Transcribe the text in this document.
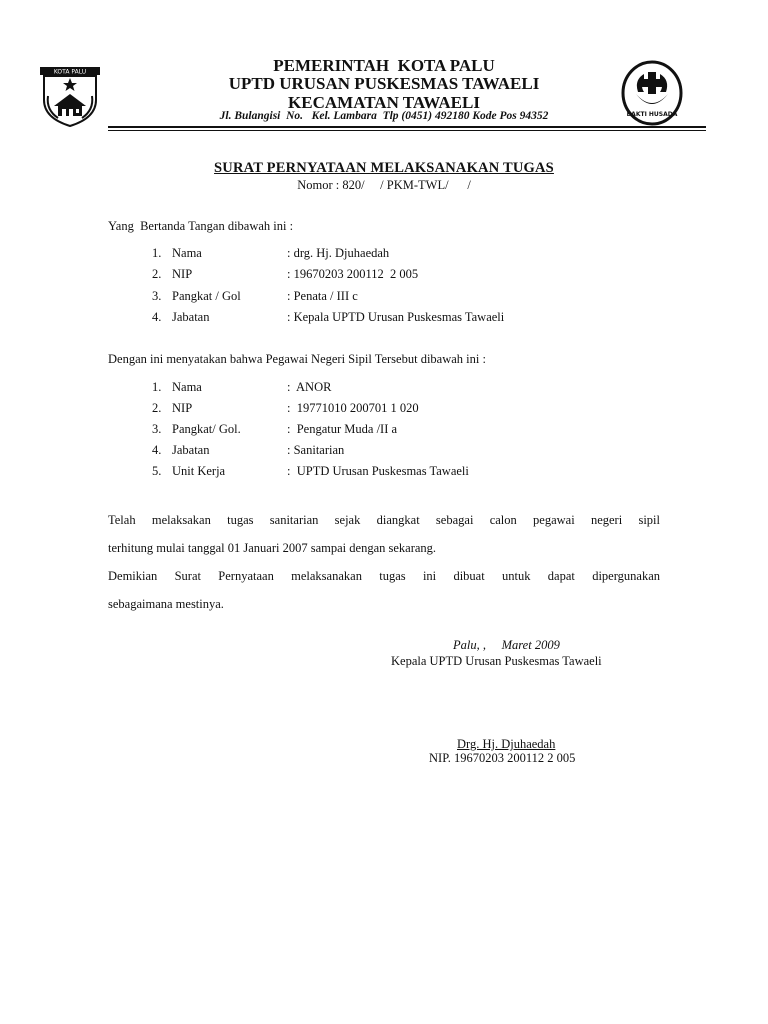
KOTA PALU
BAKTI HUSADA
PEMERINTAH  KOTA PALU
UPTD URUSAN PUSKESMAS TAWAELI
KECAMATAN TAWAELI
Jl. Bulangisi  No.   Kel. Lambara  Tlp (0451) 492180 Kode Pos 94352
SURAT PERNYATAAN MELAKSANAKAN TUGAS
Nomor : 820/     / PKM-TWL/      /
Yang  Bertanda Tangan dibawah ini :
1. Nama	: drg. Hj. Djuhaedah
2. NIP	: 19670203 200112  2 005
3. Pangkat / Gol	: Penata / III c
4. Jabatan	: Kepala UPTD Urusan Puskesmas Tawaeli
Dengan ini menyatakan bahwa Pegawai Negeri Sipil Tersebut dibawah ini :
1. Nama	:  ANOR
2. NIP	:  19771010 200701 1 020
3. Pangkat/ Gol.	:  Pengatur Muda /II a
4. Jabatan	: Sanitarian
5. Unit Kerja	:  UPTD Urusan Puskesmas Tawaeli
Telah melaksakan tugas sanitarian sejak diangkat sebagai calon pegawai negeri sipil
terhitung mulai tanggal 01 Januari 2007 sampai dengan sekarang.
Demikian Surat Pernyataan melaksanakan tugas ini dibuat untuk dapat dipergunakan
sebagaimana mestinya.
Palu, ,     Maret 2009
Kepala UPTD Urusan Puskesmas Tawaeli
Drg. Hj. Djuhaedah
NIP. 19670203 200112 2 005
